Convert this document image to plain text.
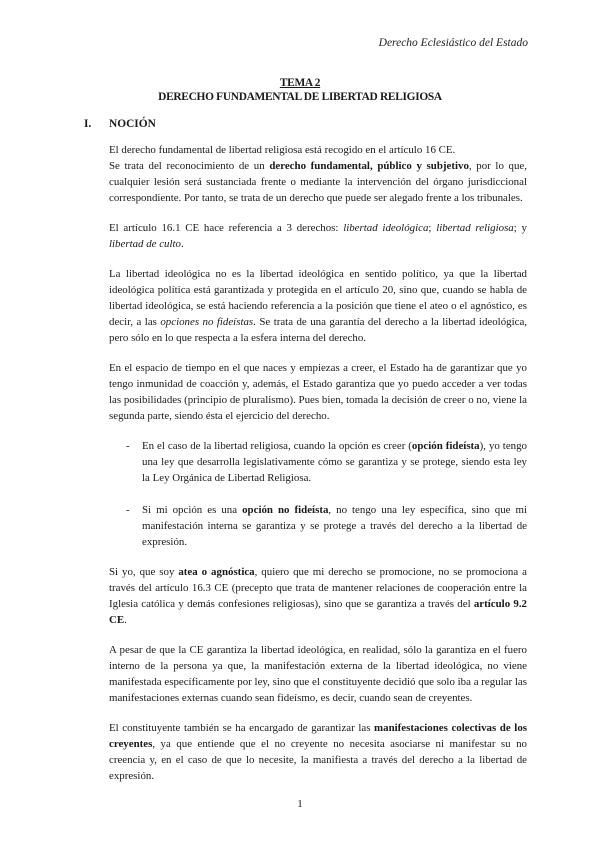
Derecho Eclesiástico del Estado
TEMA 2
DERECHO FUNDAMENTAL DE LIBERTAD RELIGIOSA
I. NOCIÓN

El derecho fundamental de libertad religiosa está recogido en el artículo 16 CE.
Se trata del reconocimiento de un derecho fundamental, público y subjetivo, por lo que, cualquier lesión será sustanciada frente o mediante la intervención del órgano jurisdiccional correspondiente. Por tanto, se trata de un derecho que puede ser alegado frente a los tribunales.

El artículo 16.1 CE hace referencia a 3 derechos: libertad ideológica; libertad religiosa; y libertad de culto.

La libertad ideológica no es la libertad ideológica en sentido político, ya que la libertad ideológica política está garantizada y protegida en el artículo 20, sino que, cuando se habla de libertad ideológica, se está haciendo referencia a la posición que tiene el ateo o el agnóstico, es decir, a las opciones no fideístas. Se trata de una garantía del derecho a la libertad ideológica, pero sólo en lo que respecta a la esfera interna del derecho.

En el espacio de tiempo en el que naces y empiezas a creer, el Estado ha de garantizar que yo tengo inmunidad de coacción y, además, el Estado garantiza que yo puedo acceder a ver todas las posibilidades (principio de pluralismo). Pues bien, tomada la decisión de creer o no, viene la segunda parte, siendo ésta el ejercicio del derecho.

- En el caso de la libertad religiosa, cuando la opción es creer (opción fideísta), yo tengo una ley que desarrolla legislativamente cómo se garantiza y se protege, siendo esta ley la Ley Orgánica de Libertad Religiosa.
- Si mi opción es una opción no fideísta, no tengo una ley específica, sino que mi manifestación interna se garantiza y se protege a través del derecho a la libertad de expresión.

Si yo, que soy atea o agnóstica, quiero que mi derecho se promocione, no se promociona a través del artículo 16.3 CE (precepto que trata de mantener relaciones de cooperación entre la Iglesia católica y demás confesiones religiosas), sino que se garantiza a través del artículo 9.2 CE.

A pesar de que la CE garantiza la libertad ideológica, en realidad, sólo la garantiza en el fuero interno de la persona ya que, la manifestación externa de la libertad ideológica, no viene manifestada específicamente por ley, sino que el constituyente decidió que solo iba a regular las manifestaciones externas cuando sean fideísmo, es decir, cuando sean de creyentes.

El constituyente también se ha encargado de garantizar las manifestaciones colectivas de los creyentes, ya que entiende que el no creyente no necesita asociarse ni manifestar su no creencia y, en el caso de que lo necesite, la manifiesta a través del derecho a la libertad de expresión.

1
